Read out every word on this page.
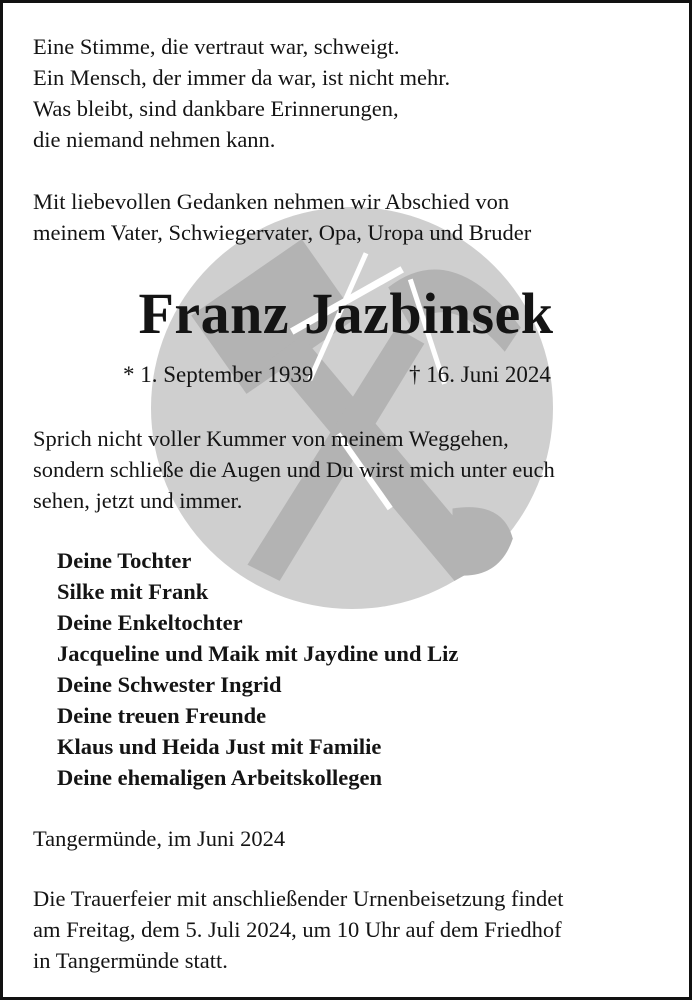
Eine Stimme, die vertraut war, schweigt.
Ein Mensch, der immer da war, ist nicht mehr.
Was bleibt, sind dankbare Erinnerungen,
die niemand nehmen kann.
Mit liebevollen Gedanken nehmen wir Abschied von
meinem Vater, Schwiegervater, Opa, Uropa und Bruder
Franz Jazbinsek
* 1. September 1939	† 16. Juni 2024
Sprich nicht voller Kummer von meinem Weggehen,
sondern schließe die Augen und Du wirst mich unter euch
sehen, jetzt und immer.
Deine Tochter
Silke mit Frank
Deine Enkeltochter
Jacqueline und Maik mit Jaydine und Liz
Deine Schwester Ingrid
Deine treuen Freunde
Klaus und Heida Just mit Familie
Deine ehemaligen Arbeitskollegen
Tangermünde, im Juni 2024
Die Trauerfeier mit anschließender Urnenbeisetzung findet
am Freitag, dem 5. Juli 2024, um 10 Uhr auf dem Friedhof
in Tangermünde statt.
